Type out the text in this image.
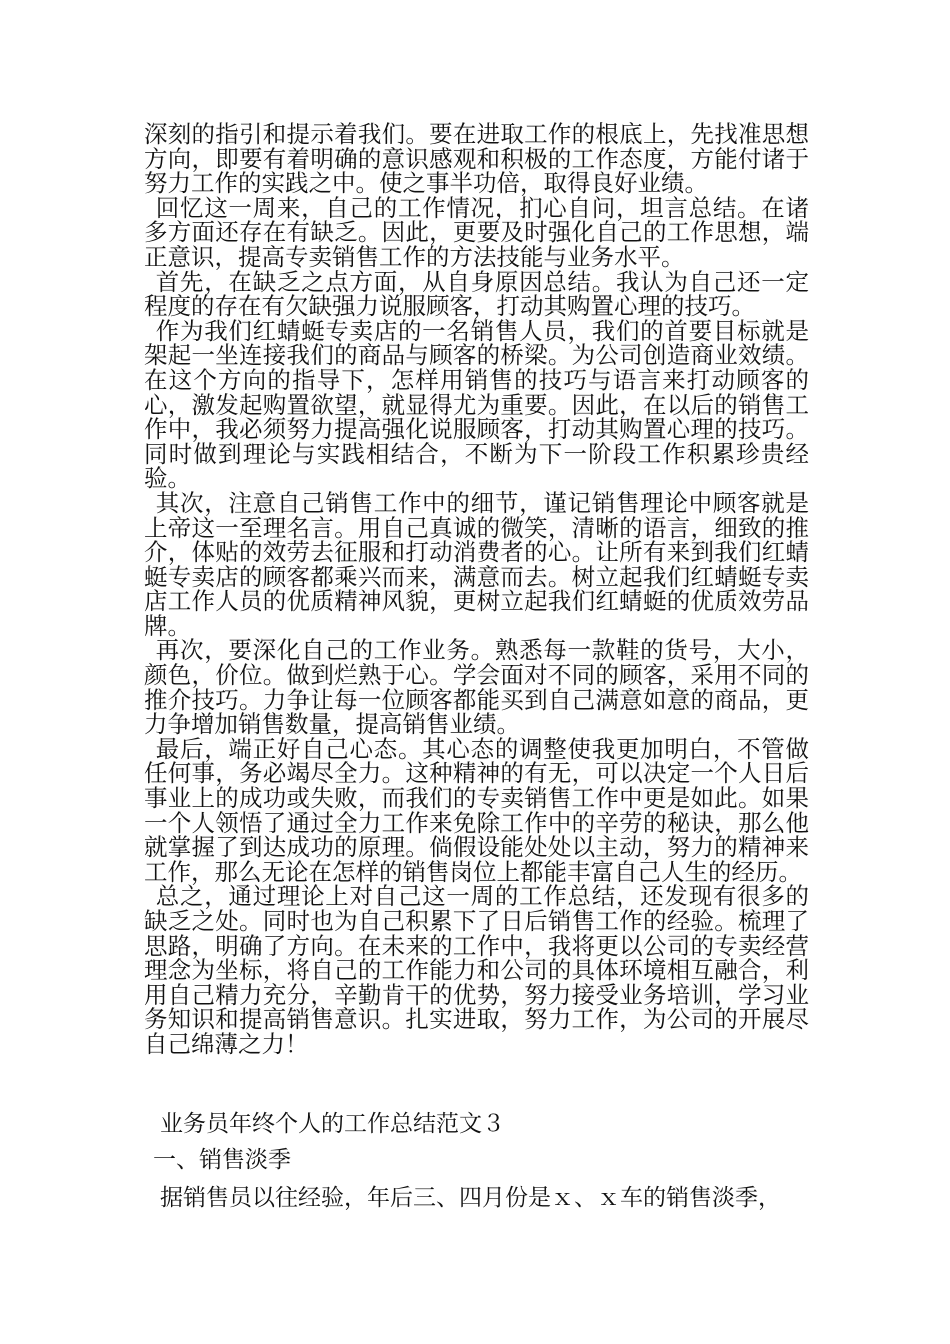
深刻的指引和提示着我们。要在进取工作的根底上，先找准思想方向，即要有着明确的意识感观和积极的工作态度，方能付诸于努力工作的实践之中。使之事半功倍，取得良好业绩。

回忆这一周来，自己的工作情况，扪心自问，坦言总结。在诸多方面还存在有缺乏。因此，更要及时强化自己的工作思想，端正意识，提高专卖销售工作的方法技能与业务水平。

首先，在缺乏之点方面，从自身原因总结。我认为自己还一定程度的存在有欠缺强力说服顾客，打动其购置心理的技巧。

作为我们红蜻蜓专卖店的一名销售人员，我们的首要目标就是架起一坐连接我们的商品与顾客的桥梁。为公司创造商业效绩。在这个方向的指导下，怎样用销售的技巧与语言来打动顾客的心，激发起购置欲望，就显得尤为重要。因此，在以后的销售工作中，我必须努力提高强化说服顾客，打动其购置心理的技巧。同时做到理论与实践相结合，不断为下一阶段工作积累珍贵经验。

其次，注意自己销售工作中的细节，谨记销售理论中顾客就是上帝这一至理名言。用自己真诚的微笑，清晰的语言，细致的推介，体贴的效劳去征服和打动消费者的心。让所有来到我们红蜻蜓专卖店的顾客都乘兴而来，满意而去。树立起我们红蜻蜓专卖店工作人员的优质精神风貌，更树立起我们红蜻蜓的优质效劳品牌。

再次，要深化自己的工作业务。熟悉每一款鞋的货号，大小，颜色，价位。做到烂熟于心。学会面对不同的顾客，采用不同的推介技巧。力争让每一位顾客都能买到自己满意如意的商品，更力争增加销售数量，提高销售业绩。

最后，端正好自己心态。其心态的调整使我更加明白，不管做任何事，务必竭尽全力。这种精神的有无，可以决定一个人日后事业上的成功或失败，而我们的专卖销售工作中更是如此。如果一个人领悟了通过全力工作来免除工作中的辛劳的秘诀，那么他就掌握了到达成功的原理。倘假设能处处以主动，努力的精神来工作，那么无论在怎样的销售岗位上都能丰富自己人生的经历。

总之，通过理论上对自己这一周的工作总结，还发现有很多的缺乏之处。同时也为自己积累下了日后销售工作的经验。梳理了思路，明确了方向。在未来的工作中，我将更以公司的专卖经营理念为坐标，将自己的工作能力和公司的具体环境相互融合，利用自己精力充分，辛勤肯干的优势，努力接受业务培训，学习业务知识和提高销售意识。扎实进取，努力工作，为公司的开展尽自己绵薄之力！

业务员年终个人的工作总结范文３

一、销售淡季

据销售员以往经验，年后三、四月份是ｘ、ｘ车的销售淡季，
